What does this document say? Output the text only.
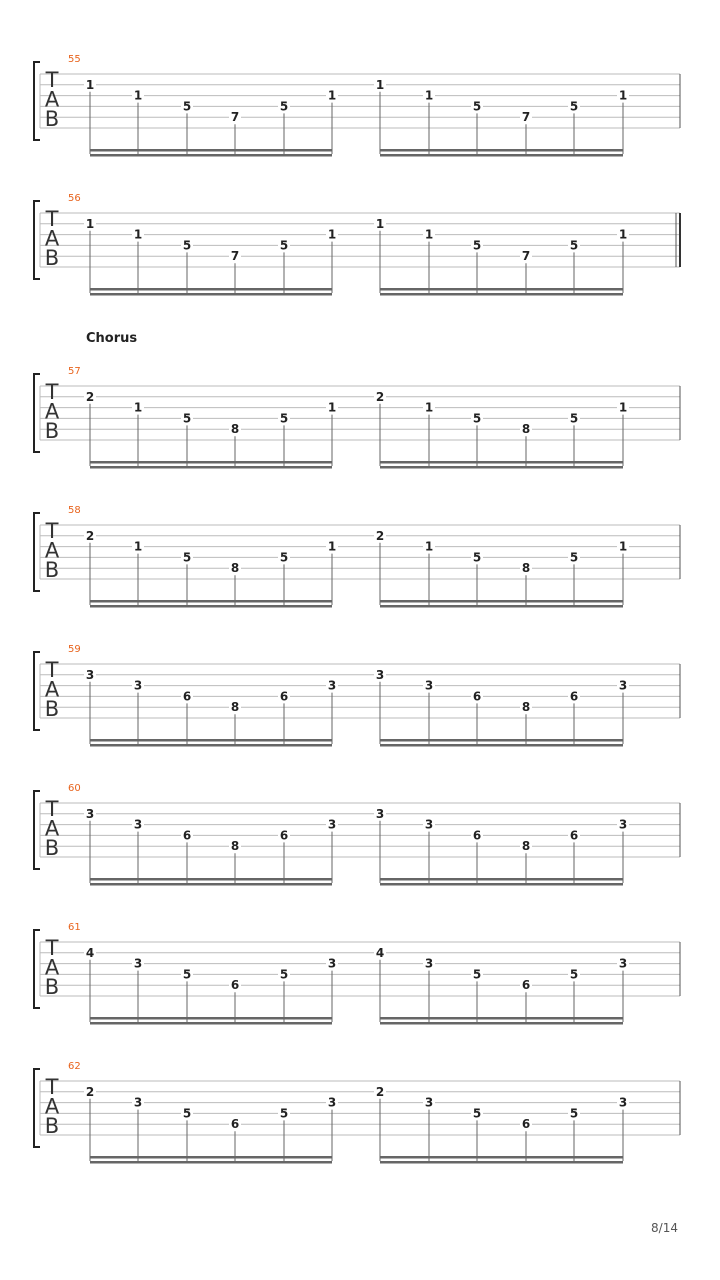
T
A
B
55
1
1
5
7
5
1
1
1
5
7
5
1
T
A
B
56
1
1
5
7
5
1
1
1
5
7
5
1
T
A
B
57
2
1
5
8
5
1
2
1
5
8
5
1
T
A
B
58
2
1
5
8
5
1
2
1
5
8
5
1
T
A
B
59
3
3
6
8
6
3
3
3
6
8
6
3
T
A
B
60
3
3
6
8
6
3
3
3
6
8
6
3
T
A
B
61
4
3
5
6
5
3
4
3
5
6
5
3
T
A
B
62
2
3
5
6
5
3
2
3
5
6
5
3
Chorus
8/14
